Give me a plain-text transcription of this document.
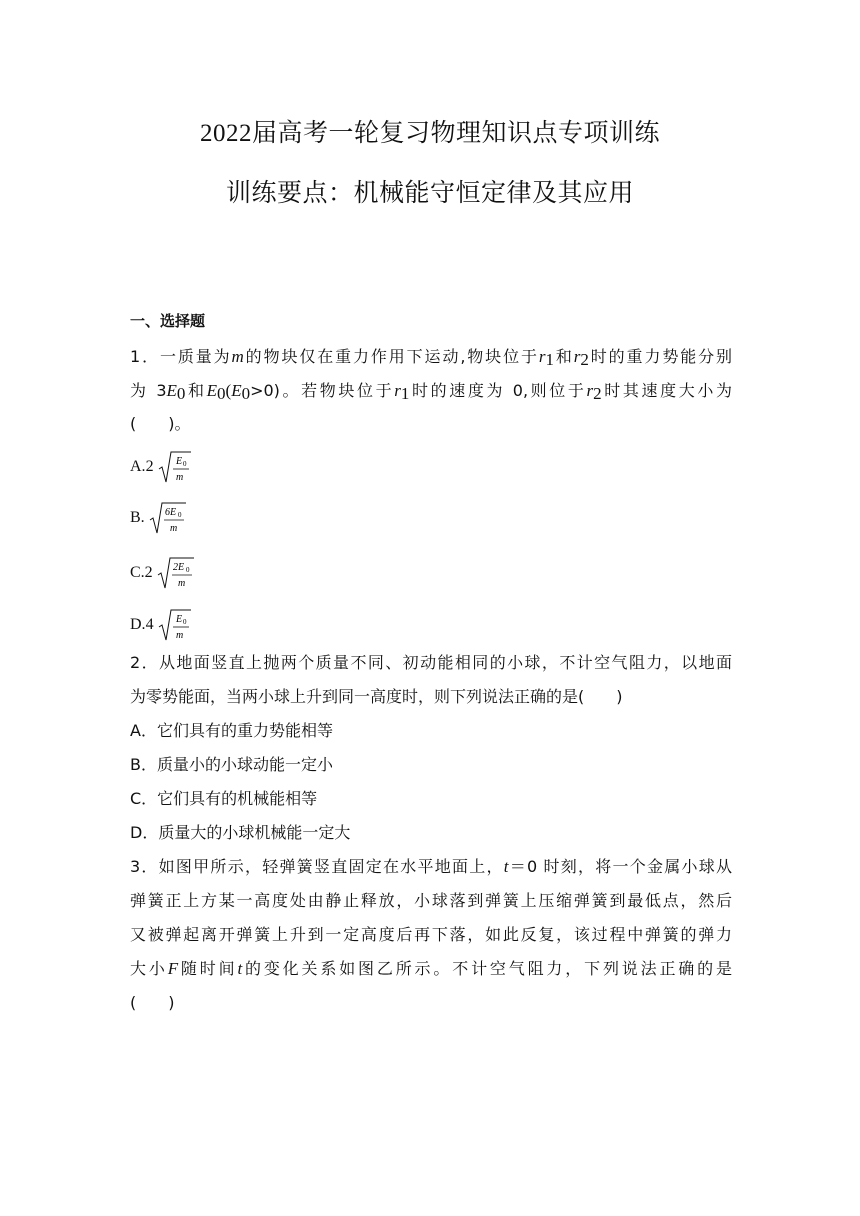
2022届高考一轮复习物理知识点专项训练
训练要点：机械能守恒定律及其应用
一、选择题
1．一质量为m的物块仅在重力作用下运动,物块位于$r_1$和$r_2$时的重力势能分别
为 $3E_0$和$E_0(E_0>0)$。若物块位于$r_1$时的速度为 0,则位于$r_2$时其速度大小为
(　　)。
A.2 E 0
m
B. 6E 0
m
C.2 2E 0
m
D.4 E 0
m
2．从地面竖直上抛两个质量不同、初动能相同的小球，不计空气阻力，以地面
为零势能面，当两小球上升到同一高度时，则下列说法正确的是(　　)
A．它们具有的重力势能相等
B．质量小的小球动能一定小
C．它们具有的机械能相等
D．质量大的小球机械能一定大
3．如图甲所示，轻弹簧竖直固定在水平地面上，t＝0 时刻，将一个金属小球从
弹簧正上方某一高度处由静止释放，小球落到弹簧上压缩弹簧到最低点，然后
又被弹起离开弹簧上升到一定高度后再下落，如此反复，该过程中弹簧的弹力
大小F随时间t的变化关系如图乙所示。不计空气阻力，下列说法正确的是
(　　)
